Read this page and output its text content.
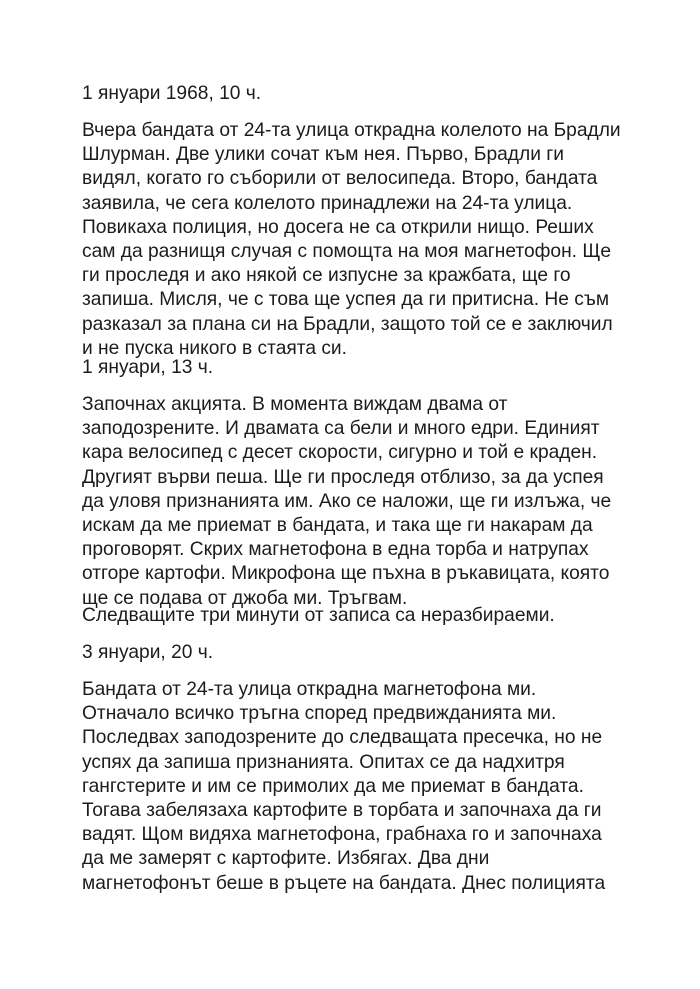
1 януари 1968, 10 ч.

Вчера бандата от 24-та улица открадна колелото на Брадли
Шлурман. Две улики сочат към нея. Първо, Брадли ги
видял, когато го съборили от велосипеда. Второ, бандата
заявила, че сега колелото принадлежи на 24-та улица.
Повикаха полиция, но досега не са открили нищо. Реших
сам да разнищя случая с помощта на моя магнетофон. Ще
ги проследя и ако някой се изпусне за кражбата, ще го
запиша. Мисля, че с това ще успея да ги притисна. Не съм
разказал за плана си на Брадли, защото той се е заключил
и не пуска никого в стаята си.

1 януари, 13 ч.

Започнах акцията. В момента виждам двама от
заподозрените. И двамата са бели и много едри. Единият
кара велосипед с десет скорости, сигурно и той е краден.
Другият върви пеша. Ще ги проследя отблизо, за да успея
да уловя признанията им. Ако се наложи, ще ги излъжа, че
искам да ме приемат в бандата, и така ще ги накарам да
проговорят. Скрих магнетофона в една торба и натрупах
отгоре картофи. Микрофона ще пъхна в ръкавицата, която
ще се подава от джоба ми. Тръгвам.

Следващите три минути от записа са неразбираеми.

3 януари, 20 ч.

Бандата от 24-та улица открадна магнетофона ми.
Отначало всичко тръгна според предвижданията ми.
Последвах заподозрените до следващата пресечка, но не
успях да запиша признанията. Опитах се да надхитря
гангстерите и им се примолих да ме приемат в бандата.
Тогава забелязаха картофите в торбата и започнаха да ги
вадят. Щом видяха магнетофона, грабнаха го и започнаха
да ме замерят с картофите. Избягах. Два дни
магнетофонът беше в ръцете на бандата. Днес полицията
